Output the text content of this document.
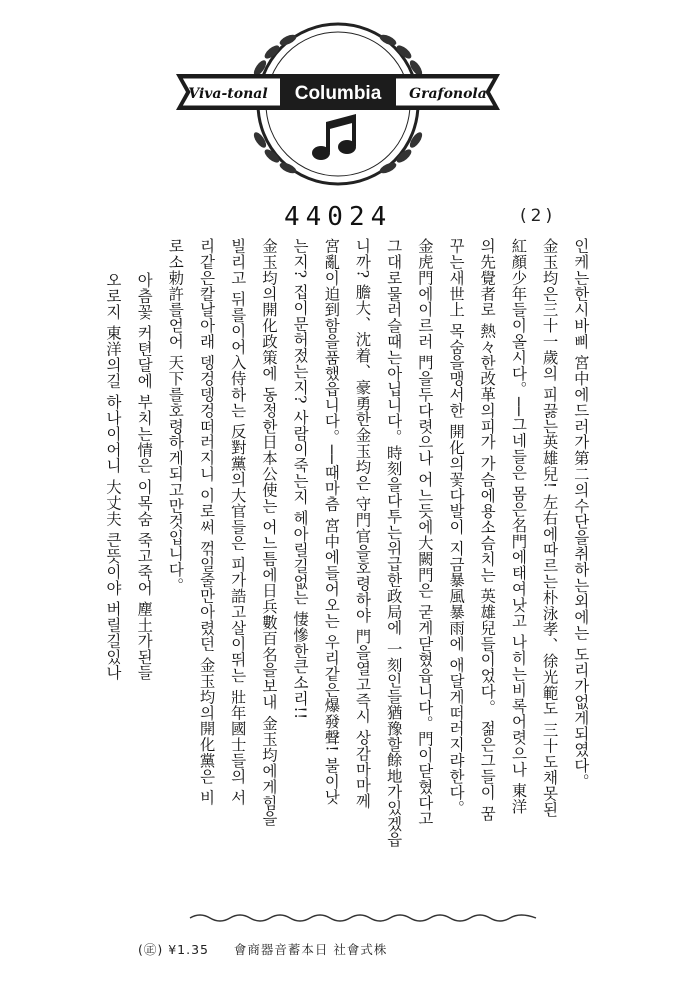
Viva-tonal Columbia Grafonola
44024	(2)
인케는한시바삐 宮中에드러가第二의수단을취하는외에는 도리가없게되였다。
金玉均은三十一歲의 피끓는英雄兒! 左右에따르는朴泳孝、徐光範도 三十도채못된
紅顏少年들이올시다。──그네들은 몸은名門에태여낫고 나히는비록어렷으나 東洋
의先覺者로 熱々한改革의피가 가슴에용소슴치는 英雄兒들이었다。 젊은그들이 꿈
꾸는새世上 목숨을맹서한 開化의꽃다발이 지금暴風暴雨에 애달게떠러지랴한다。
金虎門에이르러 門을두다렷으나 어느듯에大闕門은 굳게닫혔읍니다。門이닫혔다고
그대로물러슬때는아닙니다。時刻을다투는위급한政局에 一刻인들猶豫할餘地가있겠읍
니까? 膽大、沈着、豪勇한金玉均은 守門官을호령하야 門을열고즉시 상감마마께
宮亂이迫到함을품했읍니다。──때마츰 宮中에들어오는 우리같은爆發聲! 불이낫
는지? 집이문허젔는지? 사람이죽는지 헤아릴길없는 悽慘한큰소리!!
金玉均의開化政策에 동정한日本公使는 어느틈에日兵數百名을보내 金玉均에게힘을
빌리고 뒤를이어入侍하는 反對黨의大官들은 피가誥고살이뛰는 壯年國士들의 서
리같은칼날아래 뎅겅뎅겅떠러지니 이로써 꺾일줄만아렸던 金玉均의開化黨은 비
로소勅許를얻어 天下를호령하게되고만것입니다。
아츰꽃 커텬달에 부치는情은 이목숨 죽고죽어 塵土가된들
오로지 東洋의길 하나이어니 大丈夫 큰뜻이야 버릴길있나
(㊣) ¥1.35 會商器音蓄本日 社會式株
